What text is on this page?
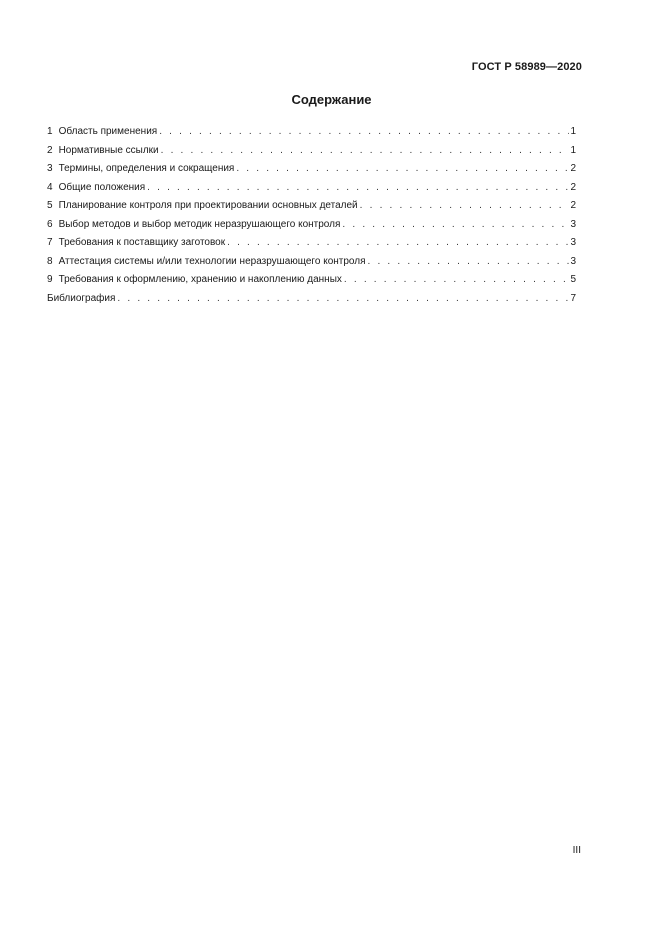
ГОСТ Р 58989—2020
Содержание
1 Область применения . . .	1
2 Нормативные ссылки . . .	1
3 Термины, определения и сокращения . . .	2
4 Общие положения . . .	2
5 Планирование контроля при проектировании основных деталей . . .	2
6 Выбор методов и выбор методик неразрушающего контроля . . .	3
7 Требования к поставщику заготовок . . .	3
8 Аттестация системы и/или технологии неразрушающего контроля . . .	3
9 Требования к оформлению, хранению и накоплению данных . . .	5
Библиография . . .	7
III
